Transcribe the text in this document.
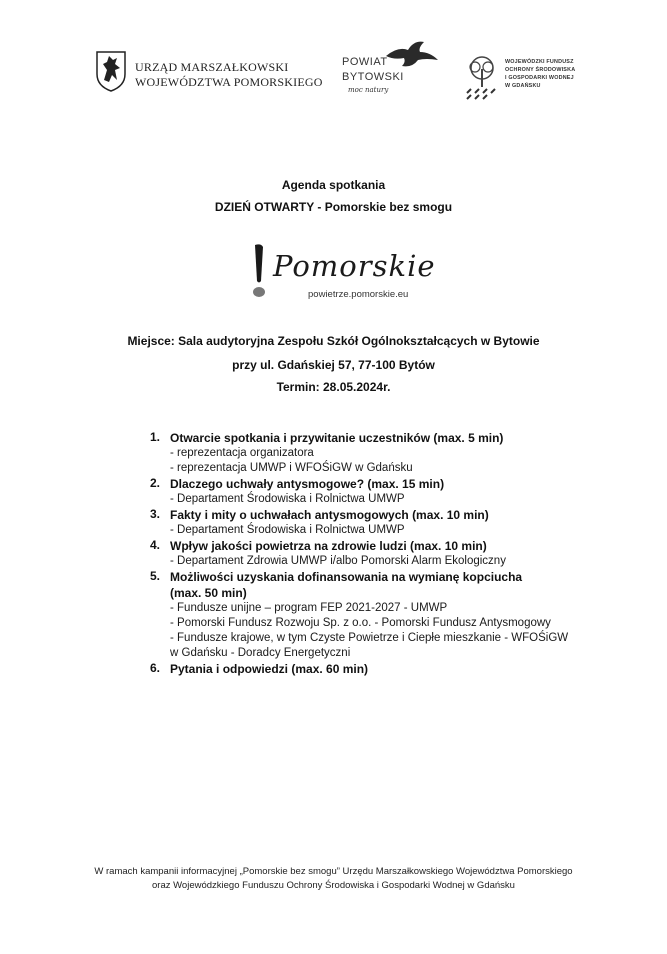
URZĄD MARSZAŁKOWSKI
WOJEWÓDZTWA POMORSKIEGO
POWIAT
BYTOWSKI
moc natury
WOJEWÓDZKI FUNDUSZ
OCHRONY ŚRODOWISKA
I GOSPODARKI WODNEJ
W GDAŃSKU
Agenda spotkania
DZIEŃ OTWARTY - Pomorskie bez smogu
Pomorskie
powietrze.pomorskie.eu
Miejsce: Sala audytoryjna Zespołu Szkół Ogólnokształcących w Bytowie
przy ul. Gdańskiej 57, 77-100 Bytów
Termin: 28.05.2024r.
1. Otwarcie spotkania i przywitanie uczestników (max. 5 min)
- reprezentacja organizatora
- reprezentacja UMWP i WFOŚiGW w Gdańsku
2. Dlaczego uchwały antysmogowe? (max. 15 min)
- Departament Środowiska i Rolnictwa UMWP
3. Fakty i mity o uchwałach antysmogowych (max. 10 min)
- Departament Środowiska i Rolnictwa UMWP
4. Wpływ jakości powietrza na zdrowie ludzi (max. 10 min)
- Departament Zdrowia UMWP i/albo Pomorski Alarm Ekologiczny
5. Możliwości uzyskania dofinansowania na wymianę kopciucha
(max. 50 min)
- Fundusze unijne – program FEP 2021-2027 - UMWP
- Pomorski Fundusz Rozwoju Sp. z o.o. - Pomorski Fundusz Antysmogowy
- Fundusze krajowe, w tym Czyste Powietrze i Ciepłe mieszkanie - WFOŚiGW
w Gdańsku - Doradcy Energetyczni
6. Pytania i odpowiedzi (max. 60 min)
W ramach kampanii informacyjnej „Pomorskie bez smogu” Urzędu Marszałkowskiego Województwa Pomorskiego
oraz Wojewódzkiego Funduszu Ochrony Środowiska i Gospodarki Wodnej w Gdańsku
